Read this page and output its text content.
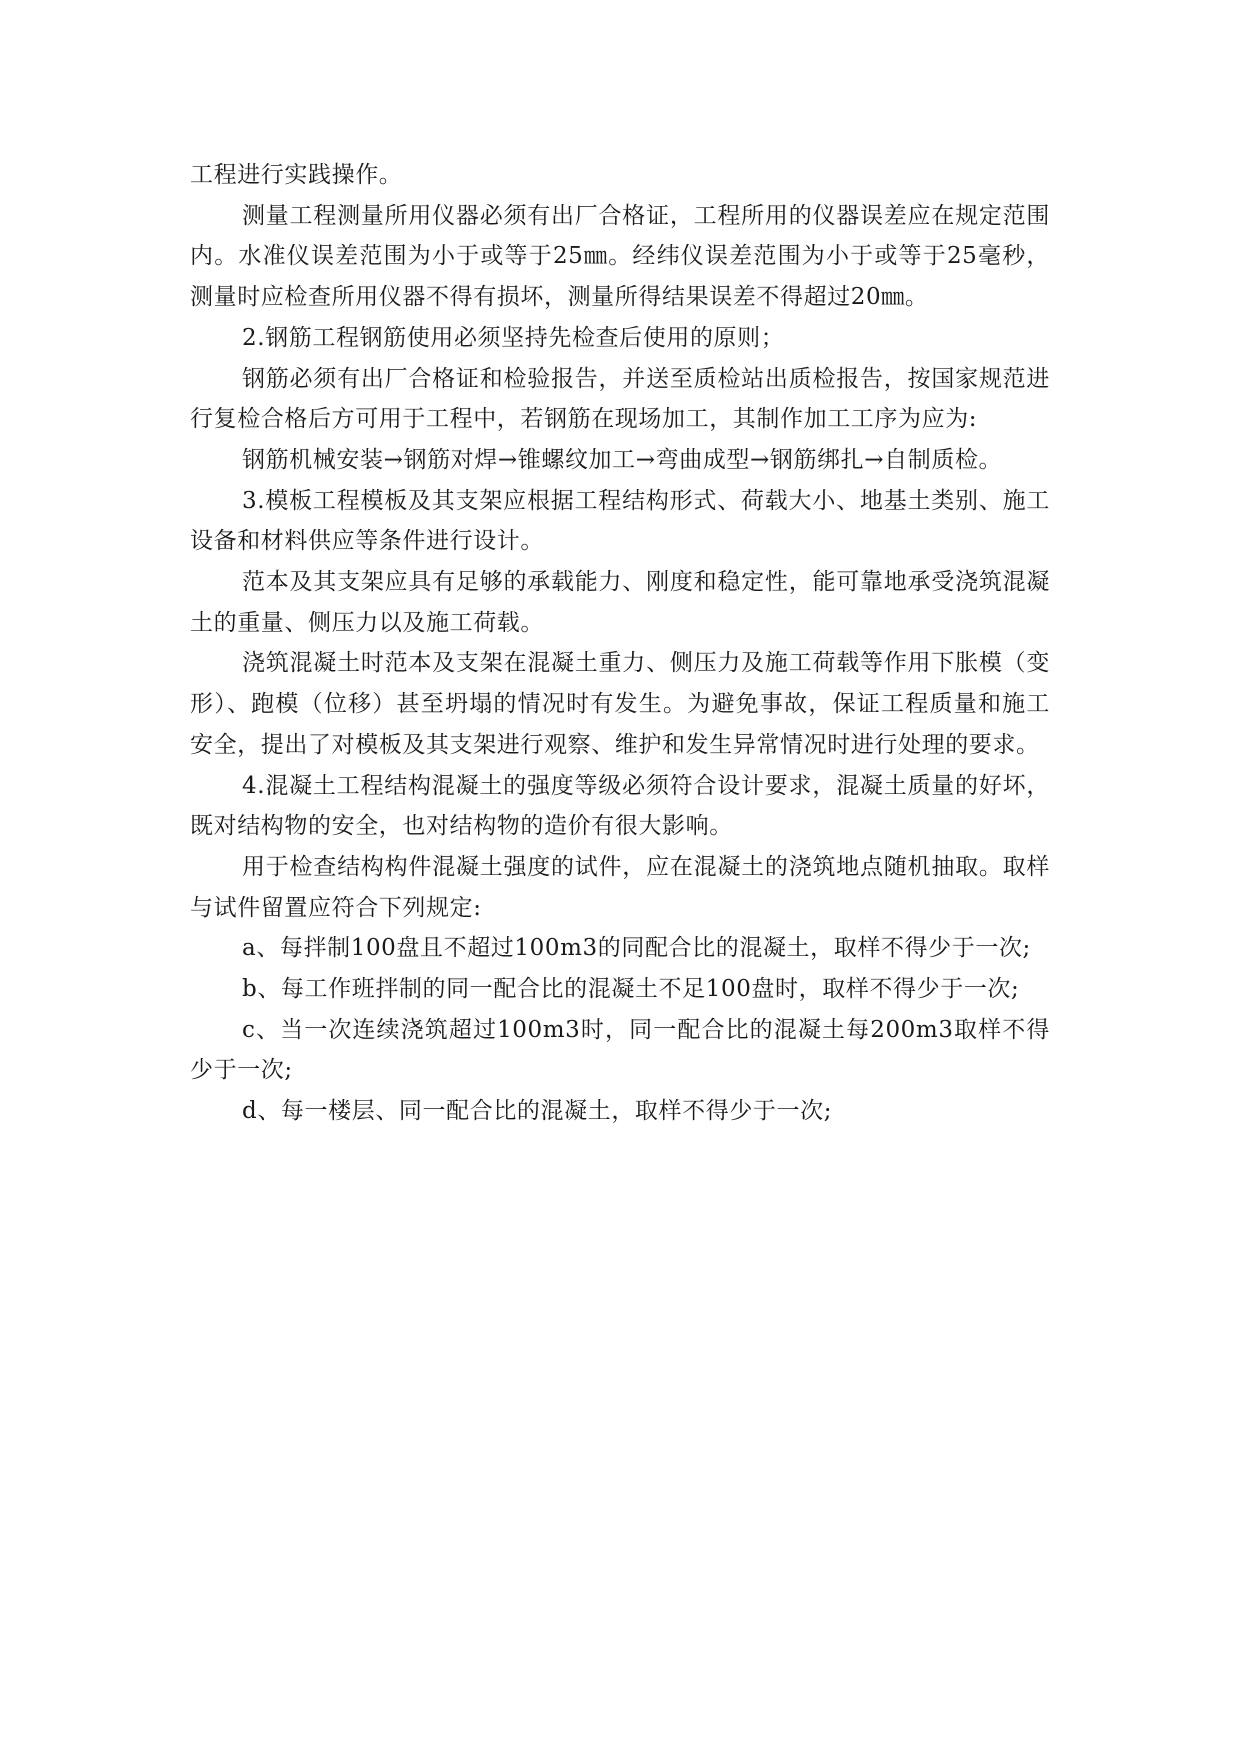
工程进行实践操作。

测量工程测量所用仪器必须有出厂合格证，工程所用的仪器误差应在规定范围内。水准仪误差范围为小于或等于25㎜。经纬仪误差范围为小于或等于25毫秒，测量时应检查所用仪器不得有损坏，测量所得结果误差不得超过20㎜。

2.钢筋工程钢筋使用必须坚持先检查后使用的原则；

钢筋必须有出厂合格证和检验报告，并送至质检站出质检报告，按国家规范进行复检合格后方可用于工程中，若钢筋在现场加工，其制作加工工序为应为:

钢筋机械安装→钢筋对焊→锥螺纹加工→弯曲成型→钢筋绑扎→自制质检。

3.模板工程模板及其支架应根据工程结构形式、荷载大小、地基土类别、施工设备和材料供应等条件进行设计。

范本及其支架应具有足够的承载能力、刚度和稳定性，能可靠地承受浇筑混凝土的重量、侧压力以及施工荷载。

浇筑混凝土时范本及支架在混凝土重力、侧压力及施工荷载等作用下胀模（变形）、跑模（位移）甚至坍塌的情况时有发生。为避免事故，保证工程质量和施工安全，提出了对模板及其支架进行观察、维护和发生异常情况时进行处理的要求。

4.混凝土工程结构混凝土的强度等级必须符合设计要求，混凝土质量的好坏，既对结构物的安全，也对结构物的造价有很大影响。

用于检查结构构件混凝土强度的试件，应在混凝土的浇筑地点随机抽取。取样与试件留置应符合下列规定:

a、每拌制100盘且不超过100m3的同配合比的混凝土，取样不得少于一次;

b、每工作班拌制的同一配合比的混凝土不足100盘时，取样不得少于一次;

c、当一次连续浇筑超过100m3时，同一配合比的混凝土每200m3取样不得少于一次;

d、每一楼层、同一配合比的混凝土，取样不得少于一次;
